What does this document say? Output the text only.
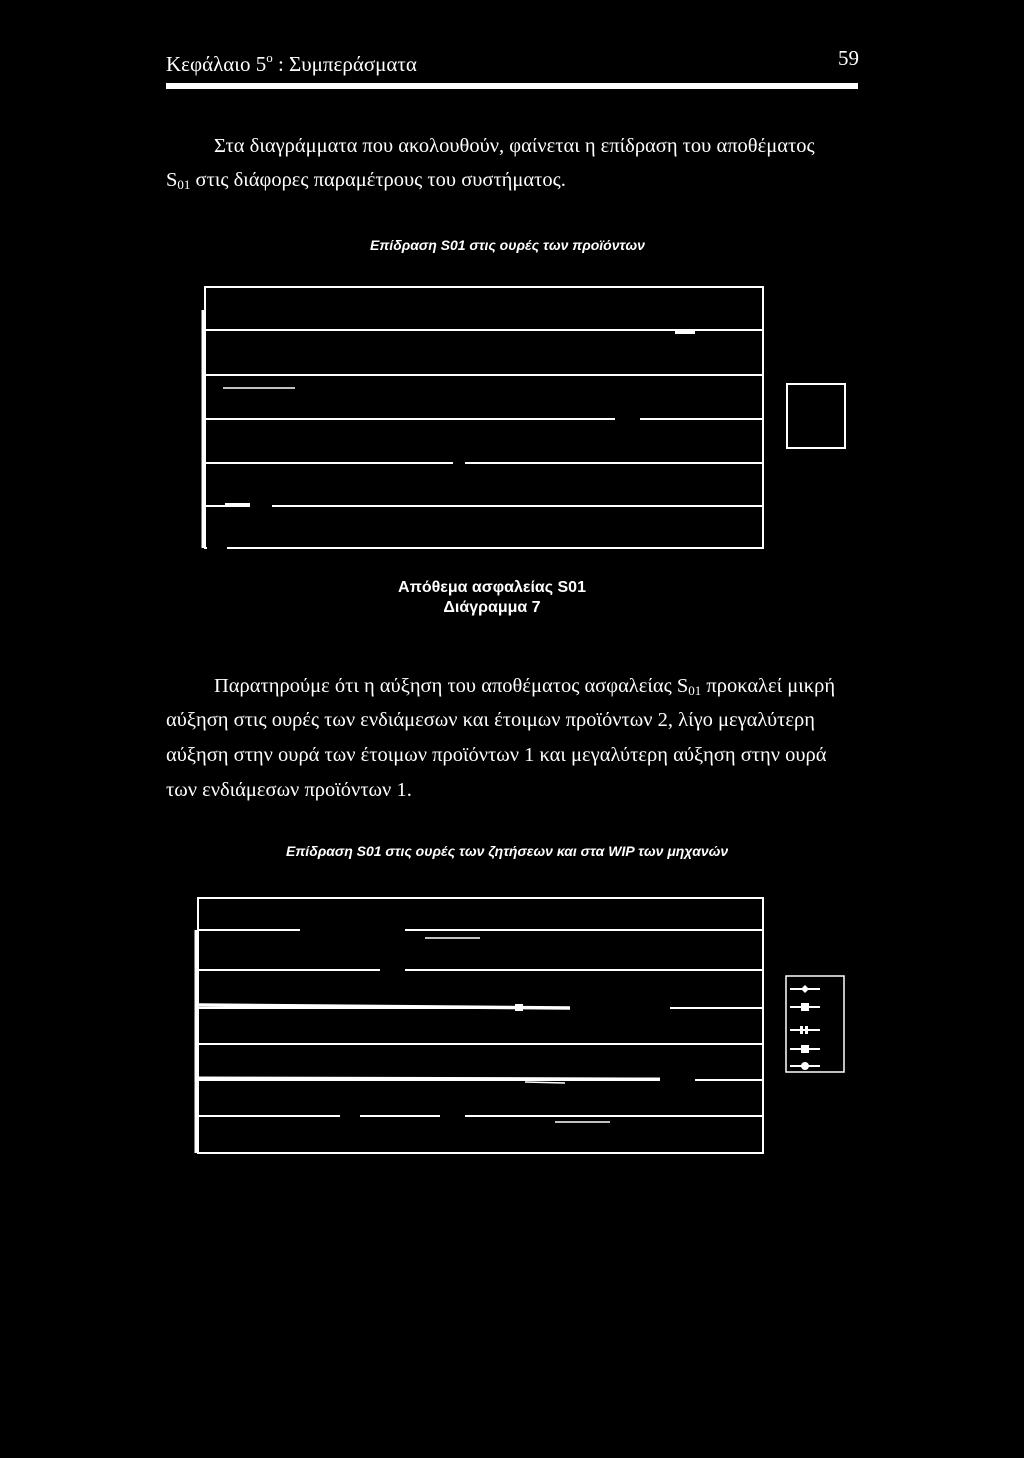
Κεφάλαιο $5^o$ : Συμπεράσματα	59
Στα διαγράμματα που ακολουθούν, φαίνεται η επίδραση του αποθέματος
$S_{01}$ στις διάφορες παραμέτρους του συστήματος.
Επίδραση S01 στις ουρές των προϊόντων
Απόθεμα ασφαλείας S01
Διάγραμμα 7
Παρατηρούμε ότι η αύξηση του αποθέματος ασφαλείας $S_{01}$ προκαλεί μικρή
αύξηση στις ουρές των ενδιάμεσων και έτοιμων προϊόντων 2, λίγο μεγαλύτερη
αύξηση στην ουρά των έτοιμων προϊόντων 1 και μεγαλύτερη αύξηση στην ουρά
των ενδιάμεσων προϊόντων 1.
Επίδραση S01 στις ουρές των ζητήσεων και στα WIP των μηχανών
